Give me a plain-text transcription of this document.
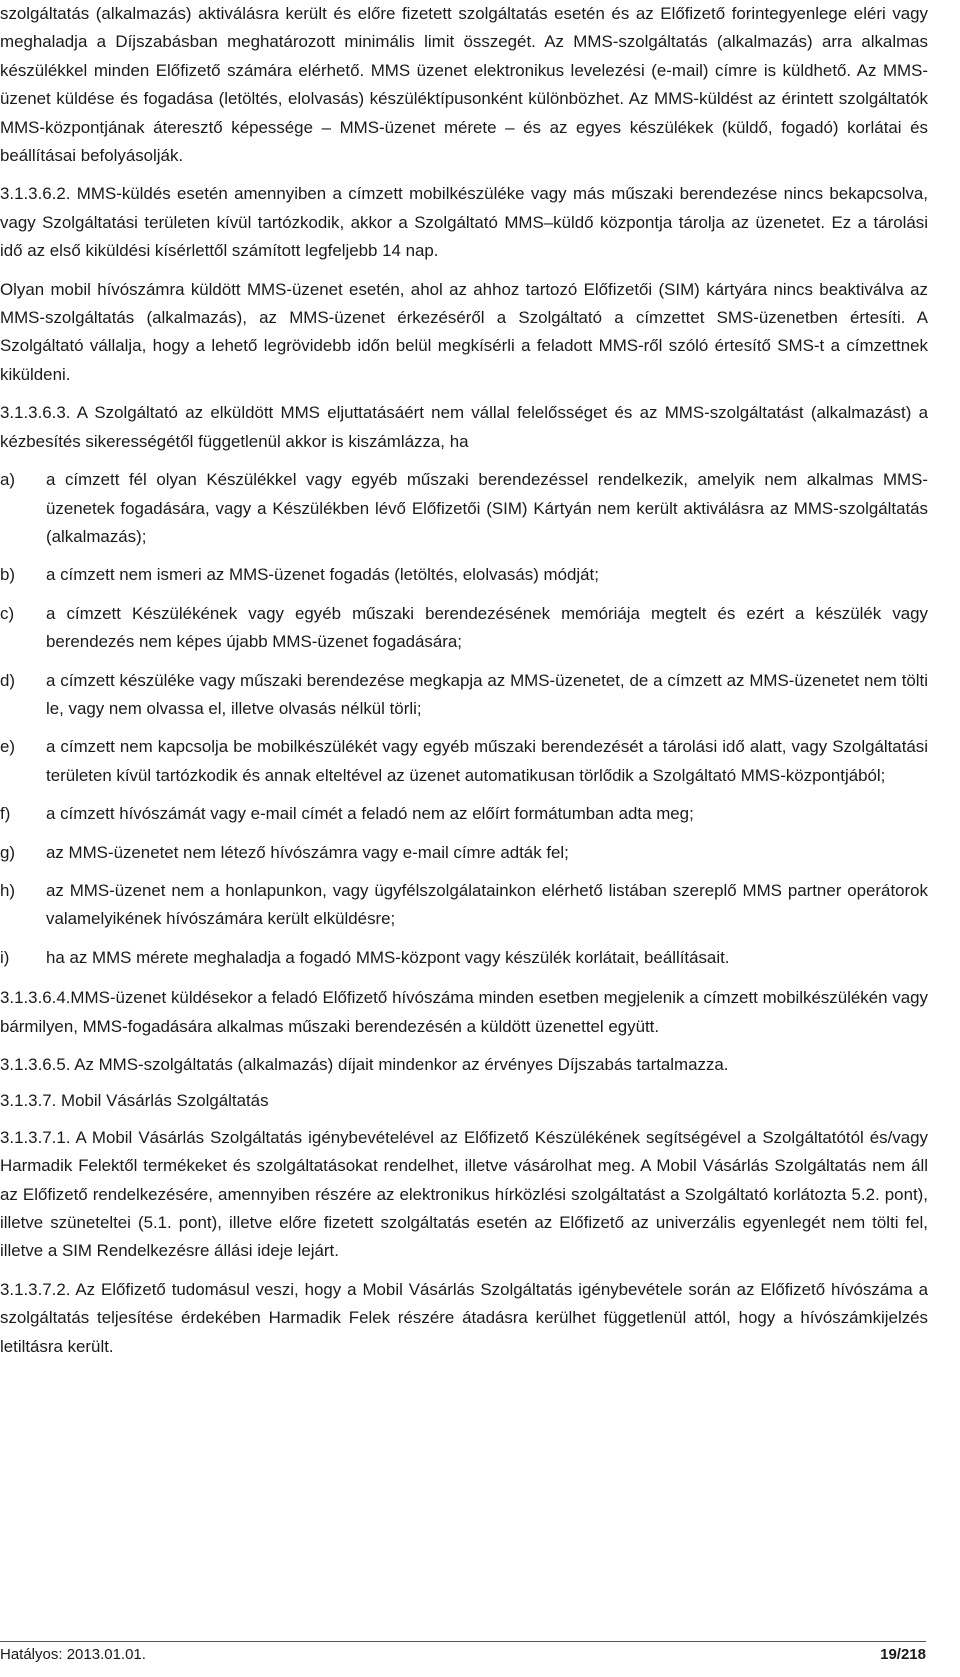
szolgáltatás (alkalmazás) aktiválásra került és előre fizetett szolgáltatás esetén és az Előfizető forintegyenlege eléri vagy meghaladja a Díjszabásban meghatározott minimális limit összegét. Az MMS-szolgáltatás (alkalmazás) arra alkalmas készülékkel minden Előfizető számára elérhető. MMS üzenet elektronikus levelezési (e-mail) címre is küldhető. Az MMS-üzenet küldése és fogadása (letöltés, elolvasás) készüléktípusonként különbözhet. Az MMS-küldést az érintett szolgáltatók MMS-központjának áteresztő képessége – MMS-üzenet mérete – és az egyes készülékek (küldő, fogadó) korlátai és beállításai befolyásolják.

3.1.3.6.2. MMS-küldés esetén amennyiben a címzett mobilkészüléke vagy más műszaki berendezése nincs bekapcsolva, vagy Szolgáltatási területen kívül tartózkodik, akkor a Szolgáltató MMS–küldő központja tárolja az üzenetet. Ez a tárolási idő az első kiküldési kísérlettől számított legfeljebb 14 nap.

Olyan mobil hívószámra küldött MMS-üzenet esetén, ahol az ahhoz tartozó Előfizetői (SIM) kártyára nincs beaktiválva az MMS-szolgáltatás (alkalmazás), az MMS-üzenet érkezéséről a Szolgáltató a címzettet SMS-üzenetben értesíti. A Szolgáltató vállalja, hogy a lehető legrövidebb időn belül megkísérli a feladott MMS-ről szóló értesítő SMS-t a címzettnek kiküldeni.

3.1.3.6.3. A Szolgáltató az elküldött MMS eljuttatásáért nem vállal felelősséget és az MMS-szolgáltatást (alkalmazást) a kézbesítés sikerességétől függetlenül akkor is kiszámlázza, ha

a)	a címzett fél olyan Készülékkel vagy egyéb műszaki berendezéssel rendelkezik, amelyik nem alkalmas MMS-üzenetek fogadására, vagy a Készülékben lévő Előfizetői (SIM) Kártyán nem került aktiválásra az MMS-szolgáltatás (alkalmazás);
b)	a címzett nem ismeri az MMS-üzenet fogadás (letöltés, elolvasás) módját;
c)	a címzett Készülékének vagy egyéb műszaki berendezésének memóriája megtelt és ezért a készülék vagy berendezés nem képes újabb MMS-üzenet fogadására;
d)	a címzett készüléke vagy műszaki berendezése megkapja az MMS-üzenetet, de a címzett az MMS-üzenetet nem tölti le, vagy nem olvassa el, illetve olvasás nélkül törli;
e)	a címzett nem kapcsolja be mobilkészülékét vagy egyéb műszaki berendezését a tárolási idő alatt, vagy Szolgáltatási területen kívül tartózkodik és annak elteltével az üzenet automatikusan törlődik a Szolgáltató MMS-központjából;
f)	a címzett hívószámát vagy e-mail címét a feladó nem az előírt formátumban adta meg;
g)	az MMS-üzenetet nem létező hívószámra vagy e-mail címre adták fel;
h)	az MMS-üzenet nem a honlapunkon, vagy ügyfélszolgálatainkon elérhető listában szereplő MMS partner operátorok valamelyikének hívószámára került elküldésre;
i)	ha az MMS mérete meghaladja a fogadó MMS-központ vagy készülék korlátait, beállításait.

3.1.3.6.4.MMS-üzenet küldésekor a feladó Előfizető hívószáma minden esetben megjelenik a címzett mobilkészülékén vagy bármilyen, MMS-fogadására alkalmas műszaki berendezésén a küldött üzenettel együtt.

3.1.3.6.5. Az MMS-szolgáltatás (alkalmazás) díjait mindenkor az érvényes Díjszabás tartalmazza.

3.1.3.7. Mobil Vásárlás Szolgáltatás

3.1.3.7.1. A Mobil Vásárlás Szolgáltatás igénybevételével az Előfizető Készülékének segítségével a Szolgáltatótól és/vagy Harmadik Felektől termékeket és szolgáltatásokat rendelhet, illetve vásárolhat meg. A Mobil Vásárlás Szolgáltatás nem áll az Előfizető rendelkezésére, amennyiben részére az elektronikus hírközlési szolgáltatást a Szolgáltató korlátozta 5.2. pont), illetve szüneteltei (5.1. pont), illetve előre fizetett szolgáltatás esetén az Előfizető az univerzális egyenlegét nem tölti fel, illetve a SIM Rendelkezésre állási ideje lejárt.

3.1.3.7.2. Az Előfizető tudomásul veszi, hogy a Mobil Vásárlás Szolgáltatás igénybevétele során az Előfizető hívószáma a szolgáltatás teljesítése érdekében Harmadik Felek részére átadásra kerülhet függetlenül attól, hogy a hívószámkijelzés letiltásra került.

Hatályos: 2013.01.01.	19/218
